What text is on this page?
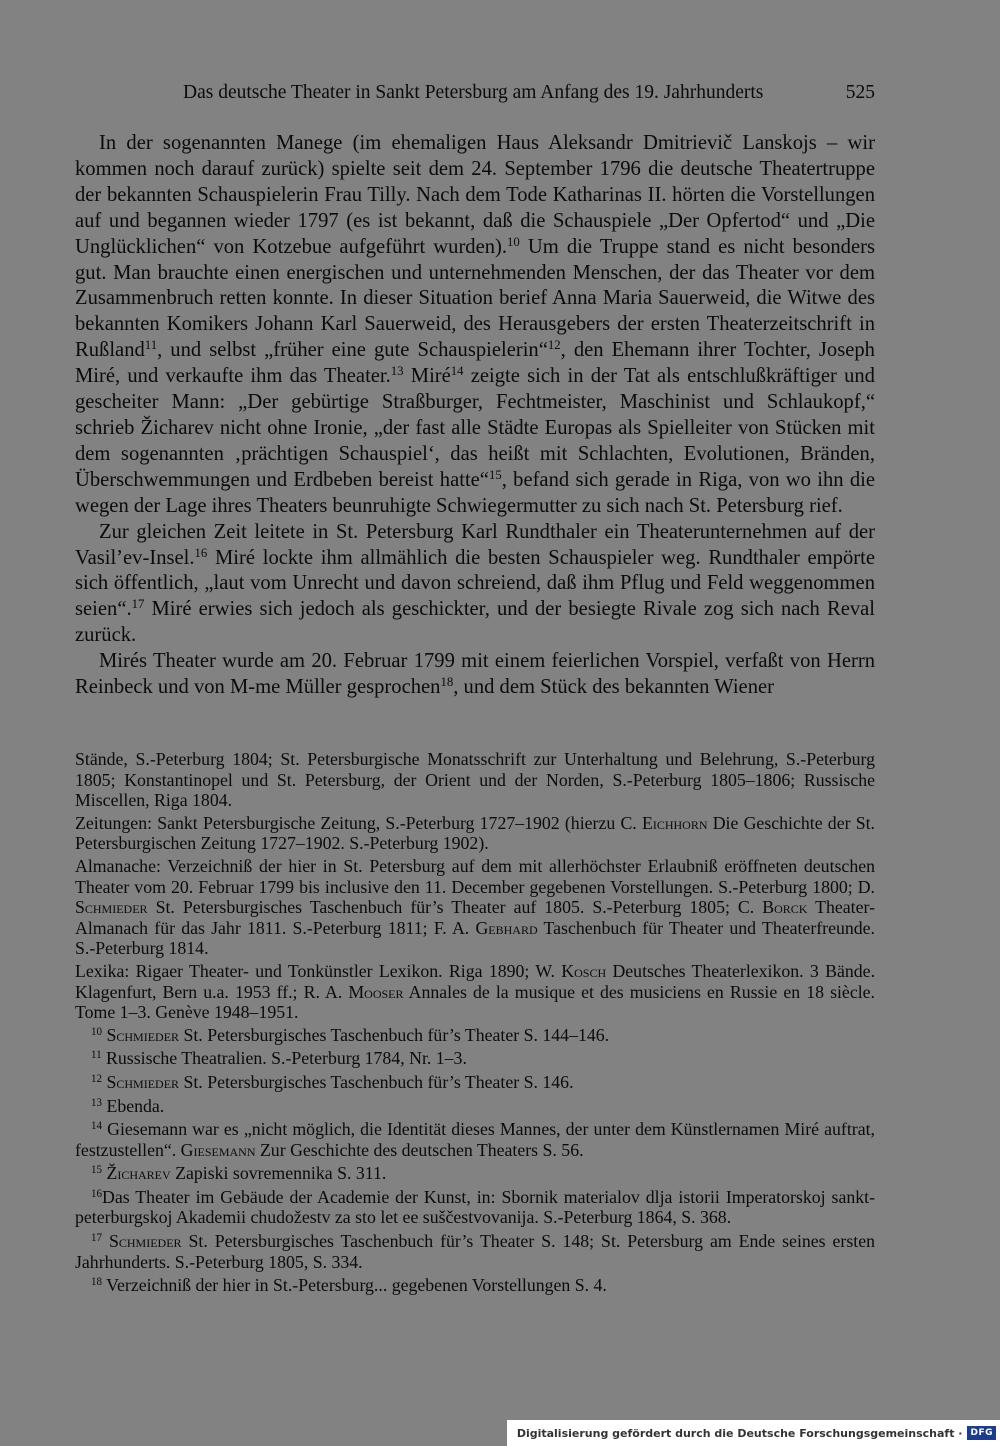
Das deutsche Theater in Sankt Petersburg am Anfang des 19. Jahrhunderts	525

In der sogenannten Manege (im ehemaligen Haus Aleksandr Dmitrievič Lanskojs – wir kommen noch darauf zurück) spielte seit dem 24. September 1796 die deutsche Theatertruppe der bekannten Schauspielerin Frau Tilly. Nach dem Tode Katharinas II. hörten die Vorstellungen auf und begannen wieder 1797 (es ist bekannt, daß die Schauspiele „Der Opfertod“ und „Die Unglücklichen“ von Kotzebue aufgeführt wurden).$^{10}$ Um die Truppe stand es nicht besonders gut. Man brauchte einen energischen und unternehmenden Menschen, der das Theater vor dem Zusammenbruch retten konnte. In dieser Situation berief Anna Maria Sauerweid, die Witwe des bekannten Komikers Johann Karl Sauerweid, des Herausgebers der ersten Theaterzeitschrift in Rußland$^{11}$, und selbst „früher eine gute Schauspielerin“$^{12}$, den Ehemann ihrer Tochter, Joseph Miré, und verkaufte ihm das Theater.$^{13}$ Miré$^{14}$ zeigte sich in der Tat als entschlußkräftiger und gescheiter Mann: „Der gebürtige Straßburger, Fechtmeister, Maschinist und Schlaukopf,“ schrieb Žicharev nicht ohne Ironie, „der fast alle Städte Europas als Spielleiter von Stücken mit dem sogenannten ‚prächtigen Schauspiel‘, das heißt mit Schlachten, Evolutionen, Bränden, Überschwemmungen und Erdbeben bereist hatte“$^{15}$, befand sich gerade in Riga, von wo ihn die wegen der Lage ihres Theaters beunruhigte Schwiegermutter zu sich nach St. Petersburg rief.

Zur gleichen Zeit leitete in St. Petersburg Karl Rundthaler ein Theaterunternehmen auf der Vasil’ev-Insel.$^{16}$ Miré lockte ihm allmählich die besten Schauspieler weg. Rundthaler empörte sich öffentlich, „laut vom Unrecht und davon schreiend, daß ihm Pflug und Feld weggenommen seien“.$^{17}$ Miré erwies sich jedoch als geschickter, und der besiegte Rivale zog sich nach Reval zurück.

Mirés Theater wurde am 20. Februar 1799 mit einem feierlichen Vorspiel, verfaßt von Herrn Reinbeck und von M-me Müller gesprochen$^{18}$, und dem Stück des bekannten Wiener

Stände, S.-Peterburg 1804; St. Petersburgische Monatsschrift zur Unterhaltung und Belehrung, S.-Peterburg 1805; Konstantinopel und St. Petersburg, der Orient und der Norden, S.-Peterburg 1805–1806; Russische Miscellen, Riga 1804.

Zeitungen: Sankt Petersburgische Zeitung, S.-Peterburg 1727–1902 (hierzu C. Eichhorn Die Geschichte der St. Petersburgischen Zeitung 1727–1902. S.-Peterburg 1902).

Almanache: Verzeichniß der hier in St. Petersburg auf dem mit allerhöchster Erlaubniß eröffneten deutschen Theater vom 20. Februar 1799 bis inclusive den 11. December gegebenen Vorstellungen. S.-Peterburg 1800; D. Schmieder St. Petersburgisches Taschenbuch für’s Theater auf 1805. S.-Peterburg 1805; C. Borck Theater-Almanach für das Jahr 1811. S.-Peterburg 1811; F. A. Gebhard Taschenbuch für Theater und Theaterfreunde. S.-Peterburg 1814.

Lexika: Rigaer Theater- und Tonkünstler Lexikon. Riga 1890; W. Kosch Deutsches Theaterlexikon. 3 Bände. Klagenfurt, Bern u.a. 1953 ff.; R. A. Mooser Annales de la musique et des musiciens en Russie en 18 siècle. Tome 1–3. Genève 1948–1951.

$^{10}$ Schmieder St. Petersburgisches Taschenbuch für’s Theater S. 144–146.

$^{11}$ Russische Theatralien. S.-Peterburg 1784, Nr. 1–3.

$^{12}$ Schmieder St. Petersburgisches Taschenbuch für’s Theater S. 146.

$^{13}$ Ebenda.

$^{14}$ Giesemann war es „nicht möglich, die Identität dieses Mannes, der unter dem Künstlernamen Miré auftrat, festzustellen“. Giesemann Zur Geschichte des deutschen Theaters S. 56.

$^{15}$ Žicharev Zapiski sovremennika S. 311.

$^{16}$Das Theater im Gebäude der Academie der Kunst, in: Sbornik materialov dlja istorii Imperatorskoj sankt-peterburgskoj Akademii chudožestv za sto let ee suščestvovanija. S.-Peterburg 1864, S. 368.

$^{17}$ Schmieder St. Petersburgisches Taschenbuch für’s Theater S. 148; St. Petersburg am Ende seines ersten Jahrhunderts. S.-Peterburg 1805, S. 334.

$^{18}$ Verzeichniß der hier in St.-Petersburg... gegebenen Vorstellungen S. 4.

Digitalisierung gefördert durch die Deutsche Forschungsgemeinschaft · DFG
